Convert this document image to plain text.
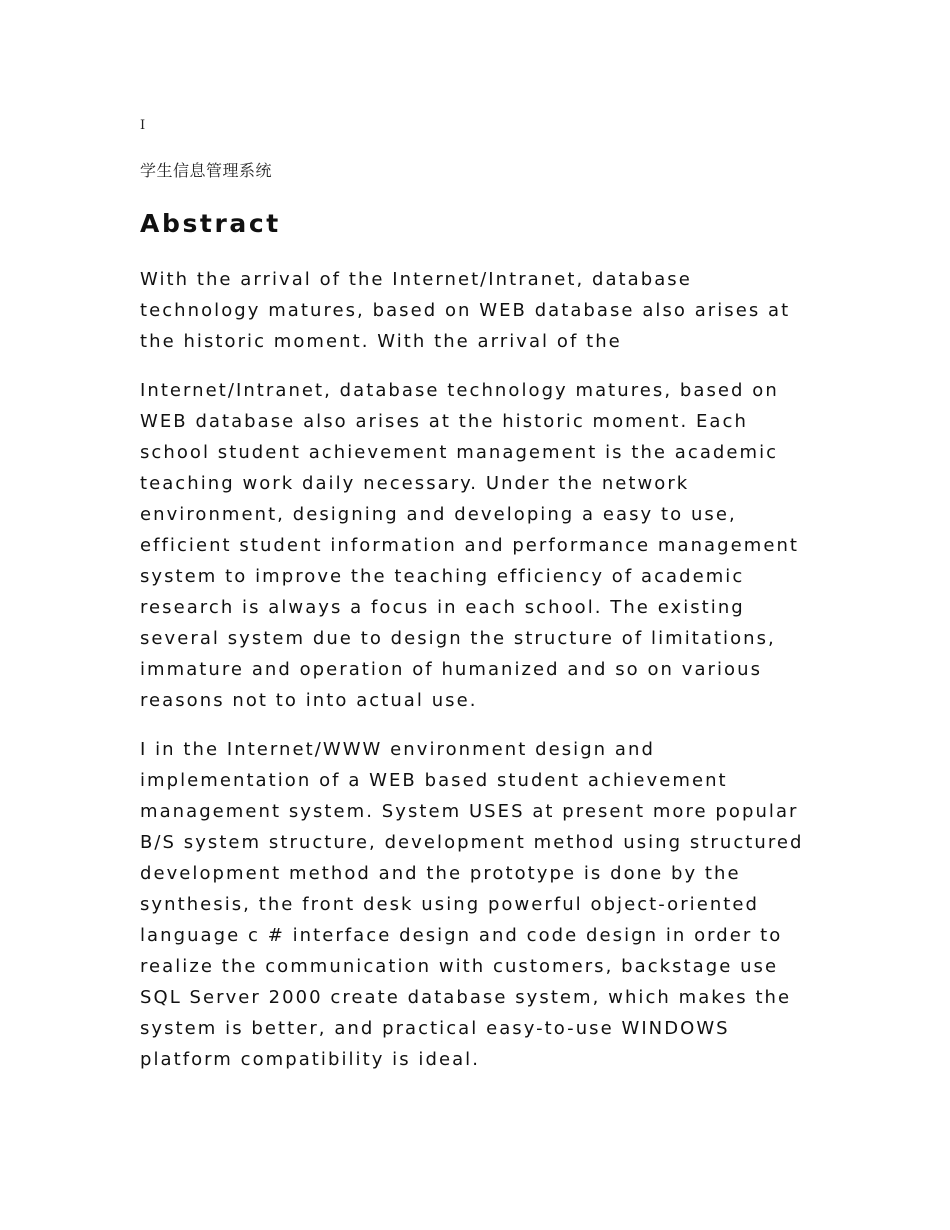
I
学生信息管理系统
Abstract

With the arrival of the Internet/Intranet, database
technology matures, based on WEB database also arises at
the historic moment. With the arrival of the

Internet/Intranet, database technology matures, based on
WEB database also arises at the historic moment. Each
school student achievement management is the academic
teaching work daily necessary. Under the network
environment, designing and developing a easy to use,
efficient student information and performance management
system to improve the teaching efficiency of academic
research is always a focus in each school. The existing
several system due to design the structure of limitations,
immature and operation of humanized and so on various
reasons not to into actual use.

I in the Internet/WWW environment design and
implementation of a WEB based student achievement
management system. System USES at present more popular
B/S system structure, development method using structured
development method and the prototype is done by the
synthesis, the front desk using powerful object-oriented
language c # interface design and code design in order to
realize the communication with customers, backstage use
SQL Server 2000 create database system, which makes the
system is better, and practical easy-to-use WINDOWS
platform compatibility is ideal.
